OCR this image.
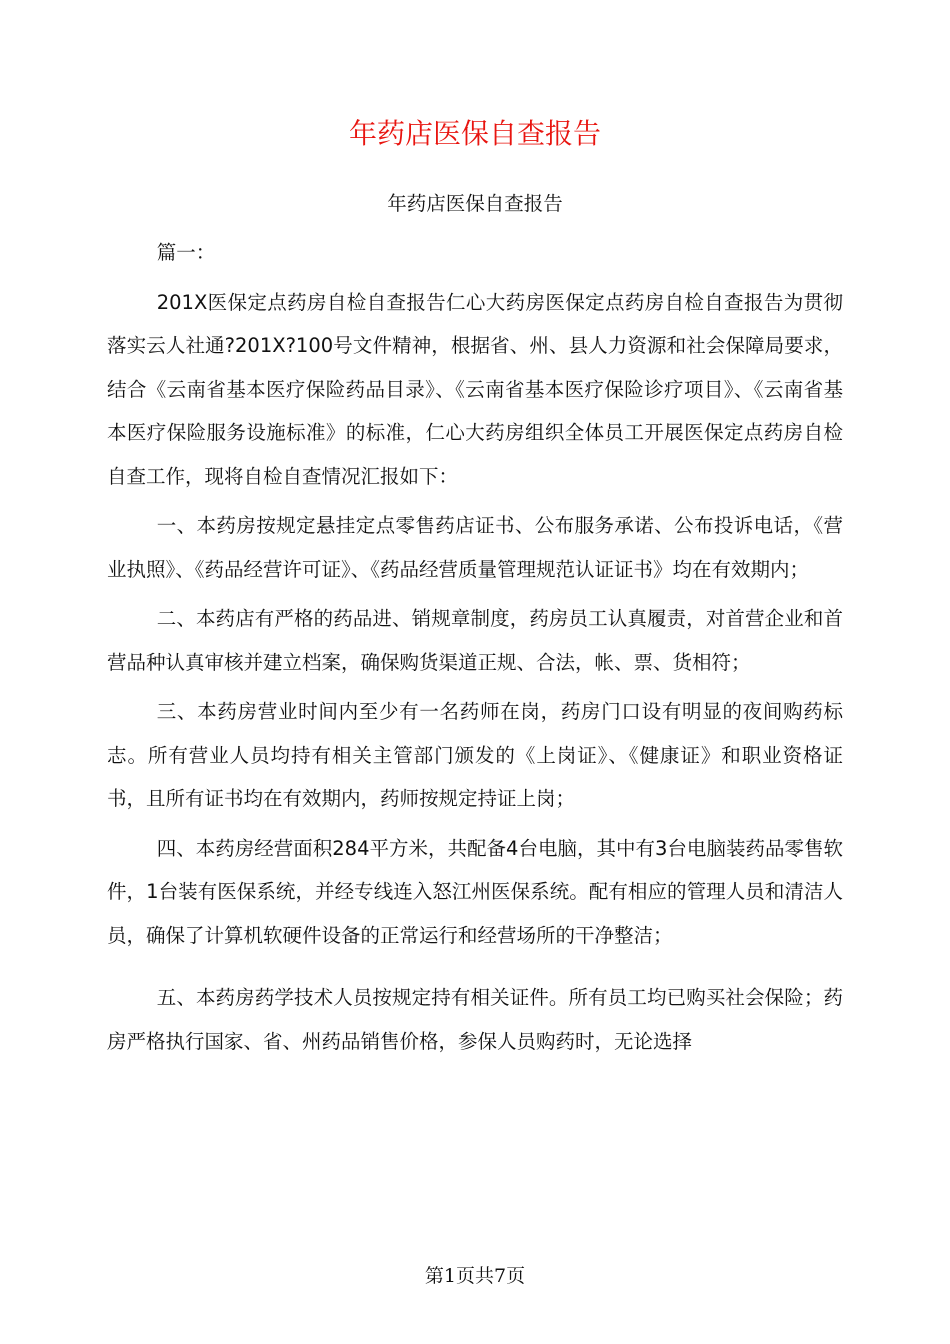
年药店医保自查报告
年药店医保自查报告

篇一：

201X医保定点药房自检自查报告仁心大药房医保定点药房自检自查报告为贯彻落实云人社通?201X?100号文件精神，根据省、州、县人力资源和社会保障局要求，结合《云南省基本医疗保险药品目录》、《云南省基本医疗保险诊疗项目》、《云南省基本医疗保险服务设施标准》的标准，仁心大药房组织全体员工开展医保定点药房自检自查工作，现将自检自查情况汇报如下：

一、本药房按规定悬挂定点零售药店证书、公布服务承诺、公布投诉电话，《营业执照》、《药品经营许可证》、《药品经营质量管理规范认证证书》均在有效期内；

二、本药店有严格的药品进、销规章制度，药房员工认真履责，对首营企业和首营品种认真审核并建立档案，确保购货渠道正规、合法，帐、票、货相符；

三、本药房营业时间内至少有一名药师在岗，药房门口设有明显的夜间购药标志。所有营业人员均持有相关主管部门颁发的《上岗证》、《健康证》和职业资格证书，且所有证书均在有效期内，药师按规定持证上岗；

四、本药房经营面积284平方米，共配备4台电脑，其中有3台电脑装药品零售软件，1台装有医保系统，并经专线连入怒江州医保系统。配有相应的管理人员和清洁人员，确保了计算机软硬件设备的正常运行和经营场所的干净整洁；

五、本药房药学技术人员按规定持有相关证件。所有员工均已购买社会保险；药房严格执行国家、省、州药品销售价格，参保人员购药时，无论选择

第1页共7页
